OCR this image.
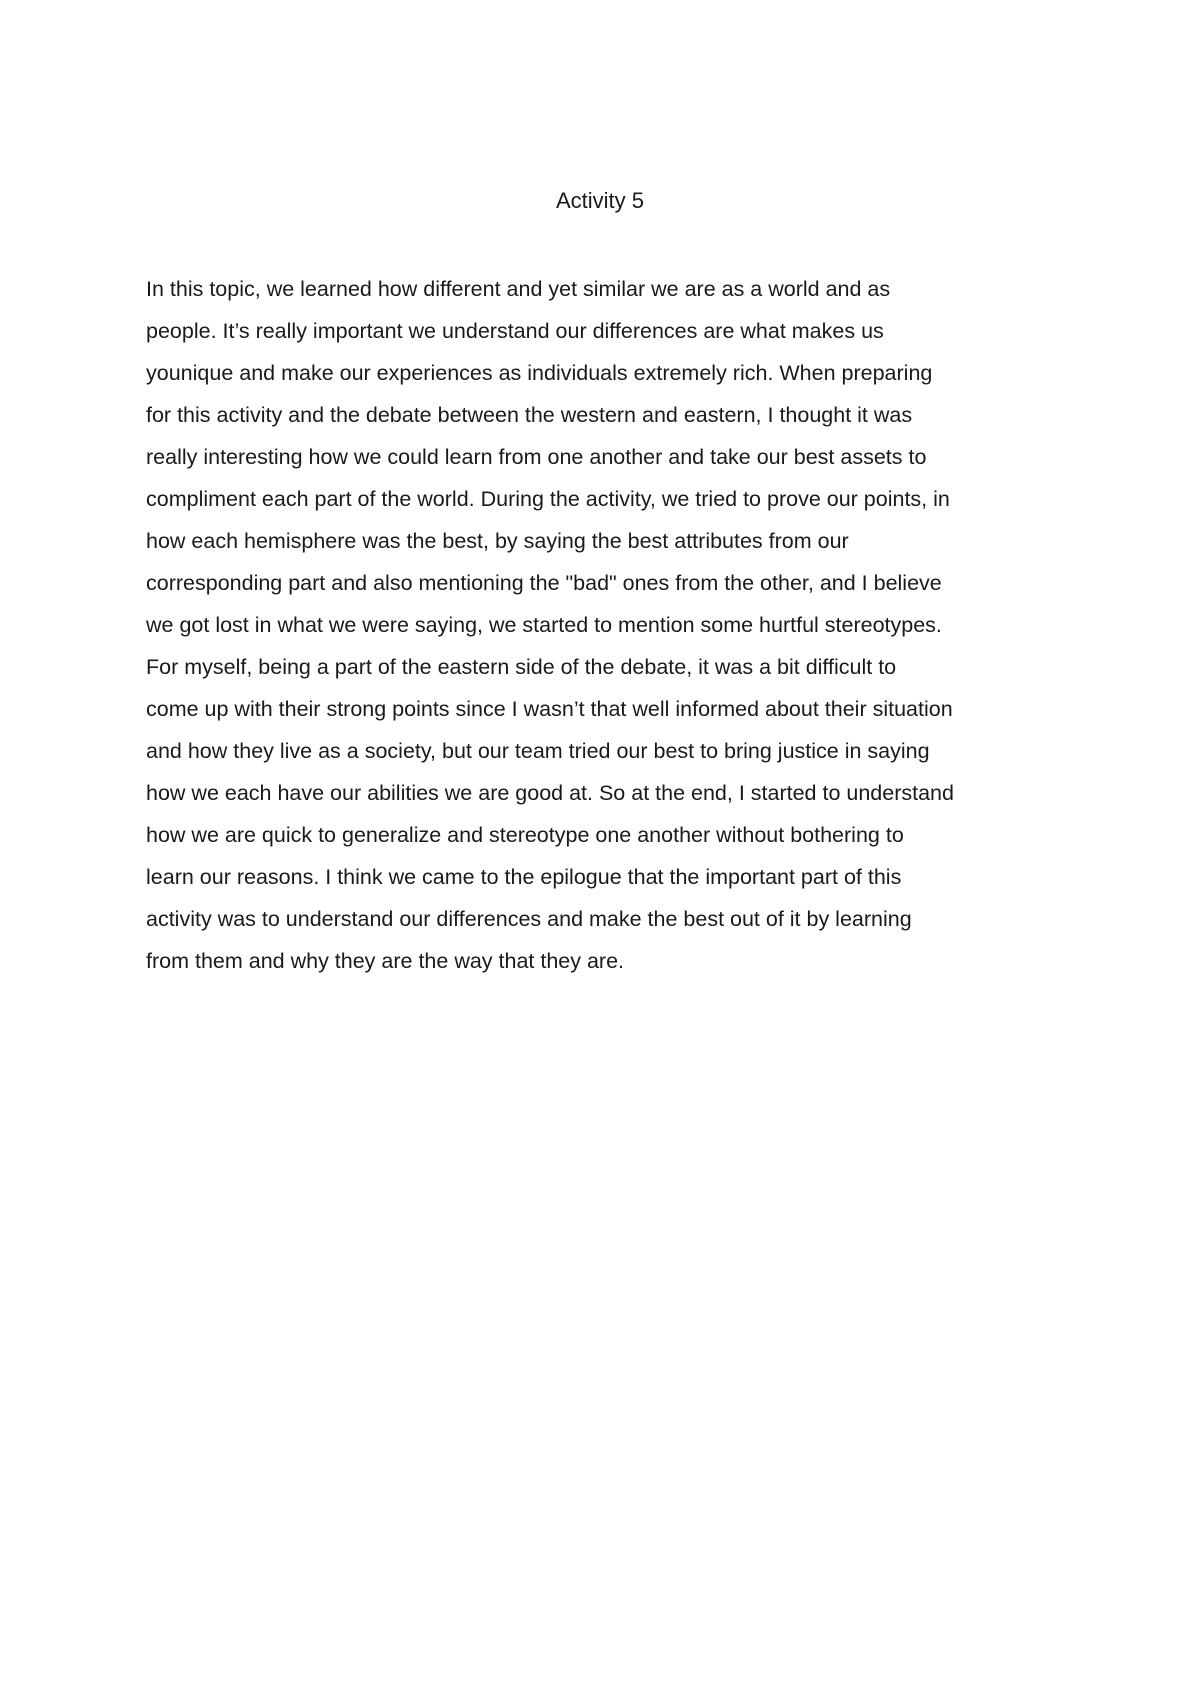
Activity 5
In this topic, we learned how different and yet similar we are as a world and as
people. It’s really important we understand our differences are what makes us
younique and make our experiences as individuals extremely rich. When preparing
for this activity and the debate between the western and eastern, I thought it was
really interesting how we could learn from one another and take our best assets to
compliment each part of the world. During the activity, we tried to prove our points, in
how each hemisphere was the best, by saying the best attributes from our
corresponding part and also mentioning the "bad" ones from the other, and I believe
we got lost in what we were saying, we started to mention some hurtful stereotypes.
For myself, being a part of the eastern side of the debate, it was a bit difficult to
come up with their strong points since I wasn’t that well informed about their situation
and how they live as a society, but our team tried our best to bring justice in saying
how we each have our abilities we are good at. So at the end, I started to understand
how we are quick to generalize and stereotype one another without bothering to
learn our reasons. I think we came to the epilogue that the important part of this
activity was to understand our differences and make the best out of it by learning
from them and why they are the way that they are.
